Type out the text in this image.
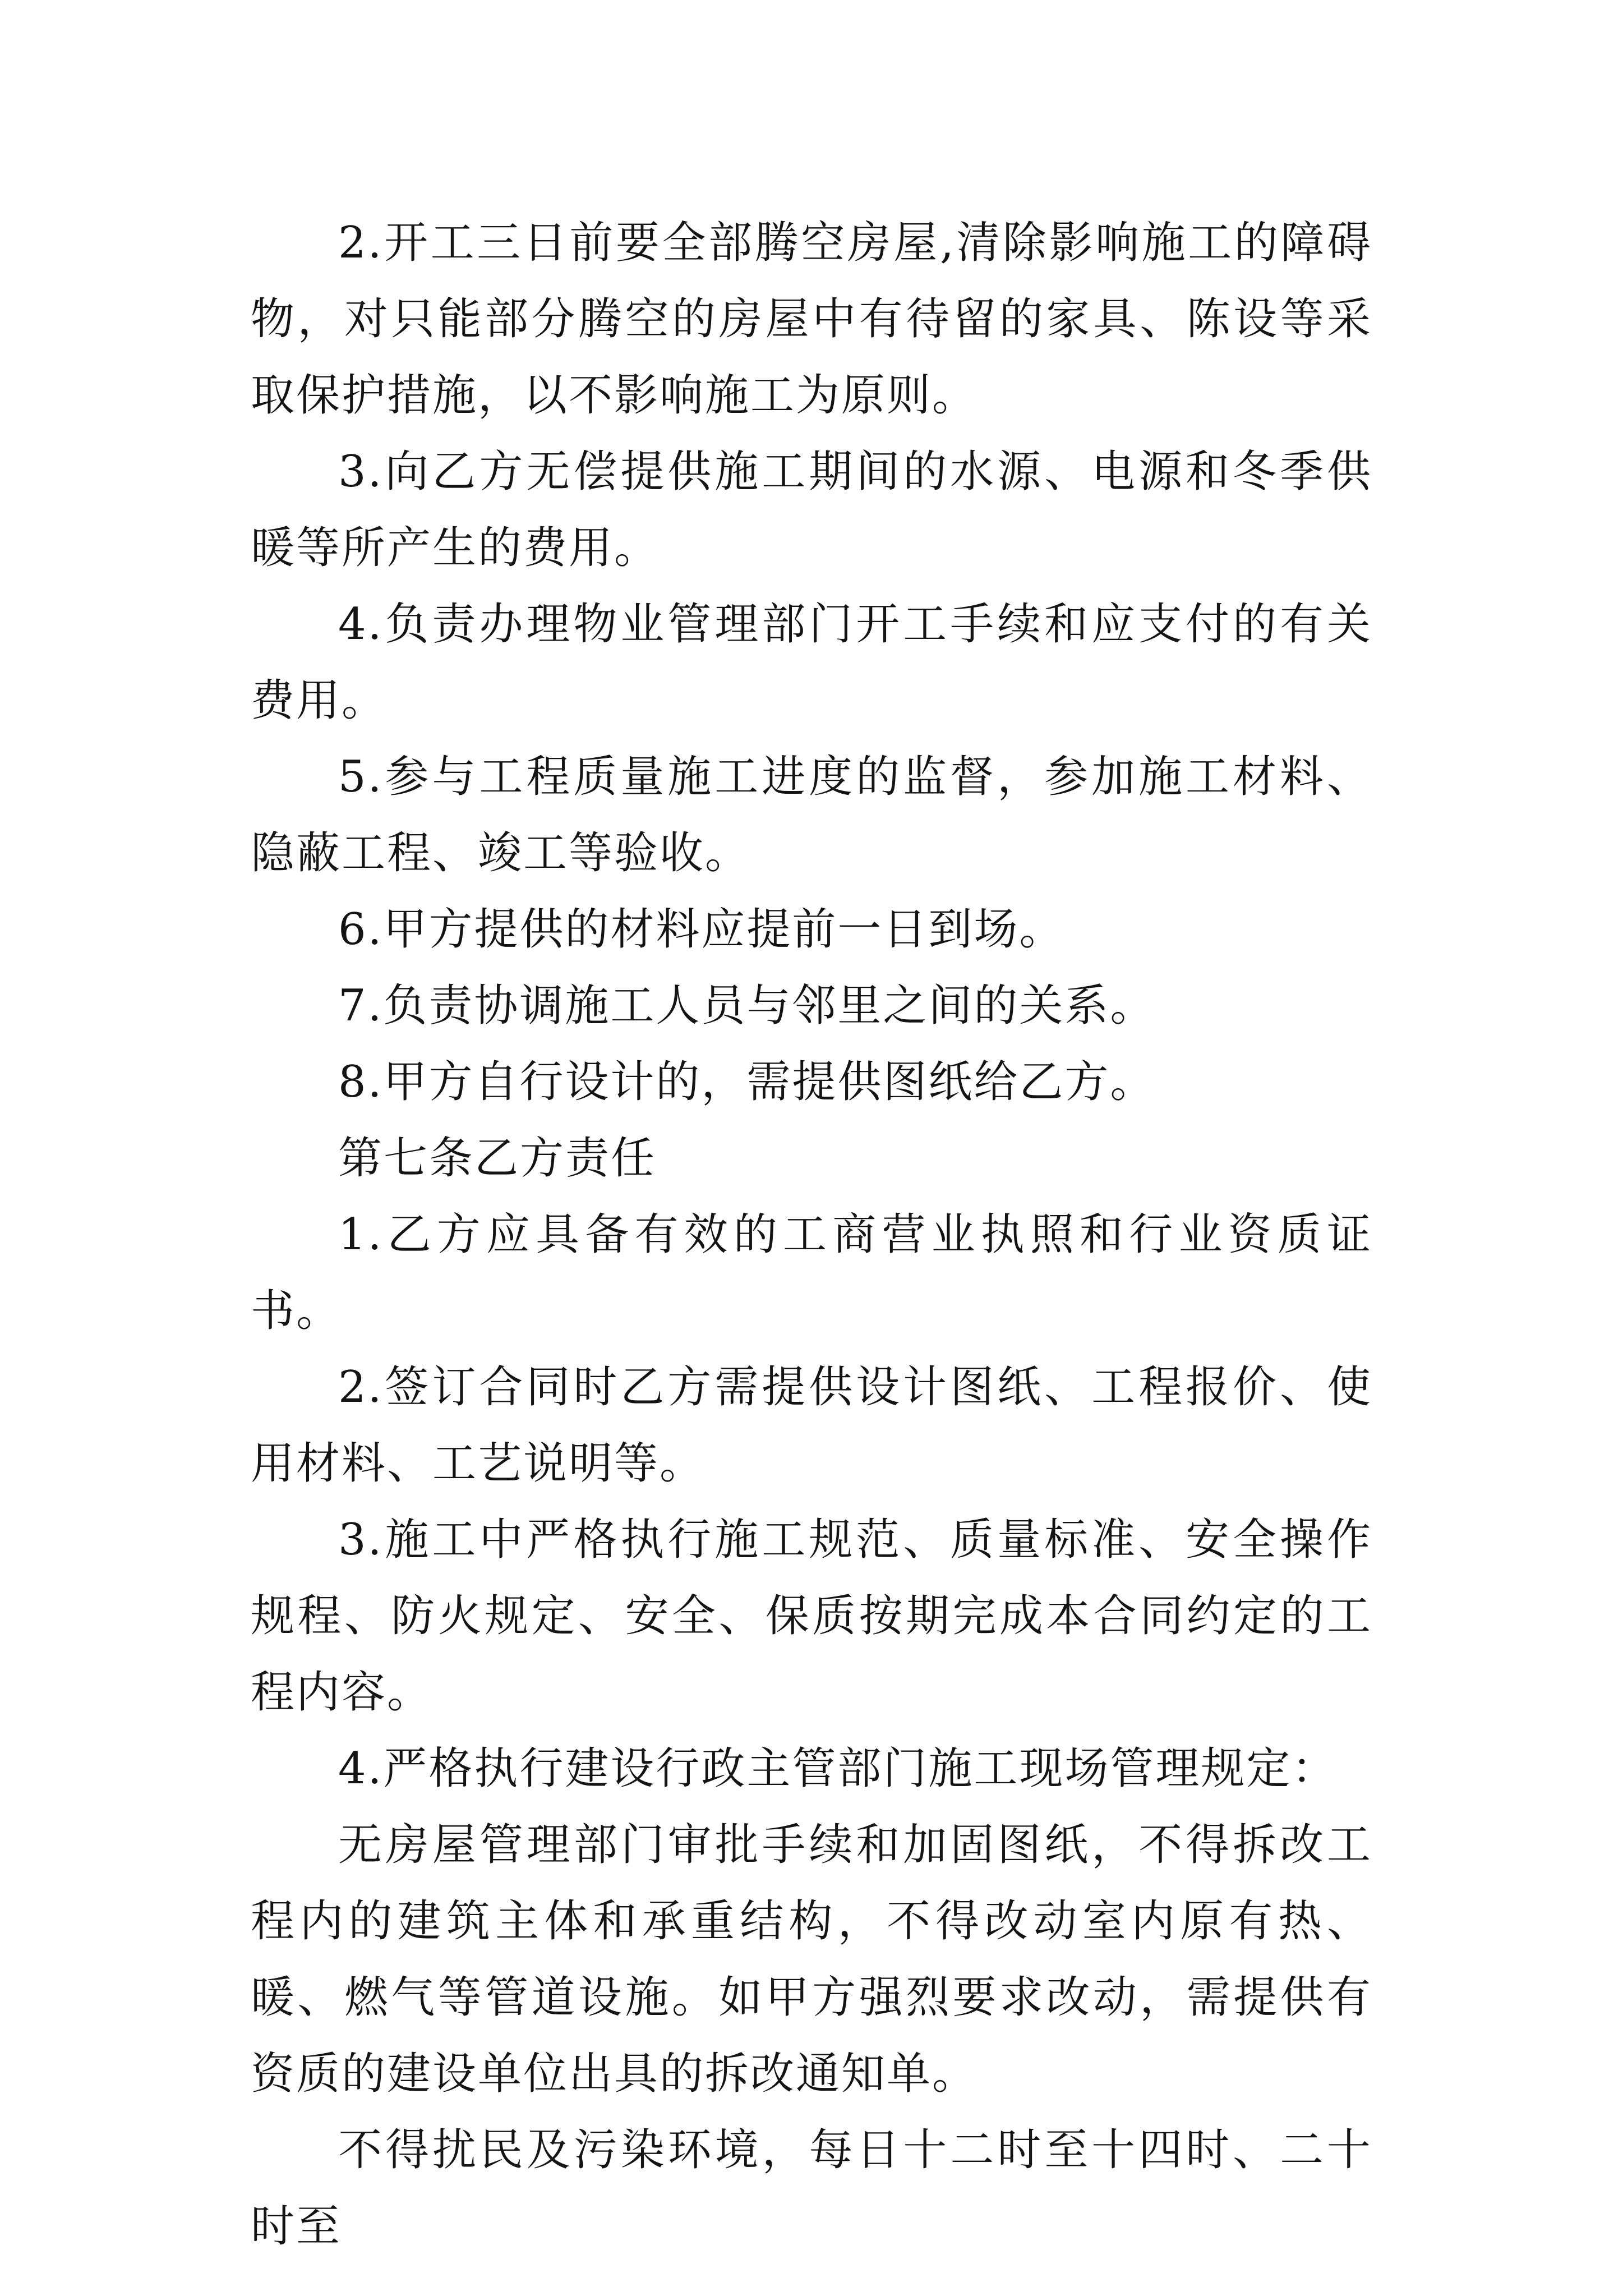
2.开工三日前要全部腾空房屋,清除影响施工的障碍物，对只能部分腾空的房屋中有待留的家具、陈设等采取保护措施，以不影响施工为原则。

3.向乙方无偿提供施工期间的水源、电源和冬季供暖等所产生的费用。

4.负责办理物业管理部门开工手续和应支付的有关费用。

5.参与工程质量施工进度的监督，参加施工材料、隐蔽工程、竣工等验收。

6.甲方提供的材料应提前一日到场。

7.负责协调施工人员与邻里之间的关系。

8.甲方自行设计的，需提供图纸给乙方。

第七条乙方责任

1.乙方应具备有效的工商营业执照和行业资质证书。

2.签订合同时乙方需提供设计图纸、工程报价、使用材料、工艺说明等。

3.施工中严格执行施工规范、质量标准、安全操作规程、防火规定、安全、保质按期完成本合同约定的工程内容。

4.严格执行建设行政主管部门施工现场管理规定：

无房屋管理部门审批手续和加固图纸，不得拆改工程内的建筑主体和承重结构，不得改动室内原有热、暖、燃气等管道设施。如甲方强烈要求改动，需提供有资质的建设单位出具的拆改通知单。

不得扰民及污染环境，每日十二时至十四时、二十时至
